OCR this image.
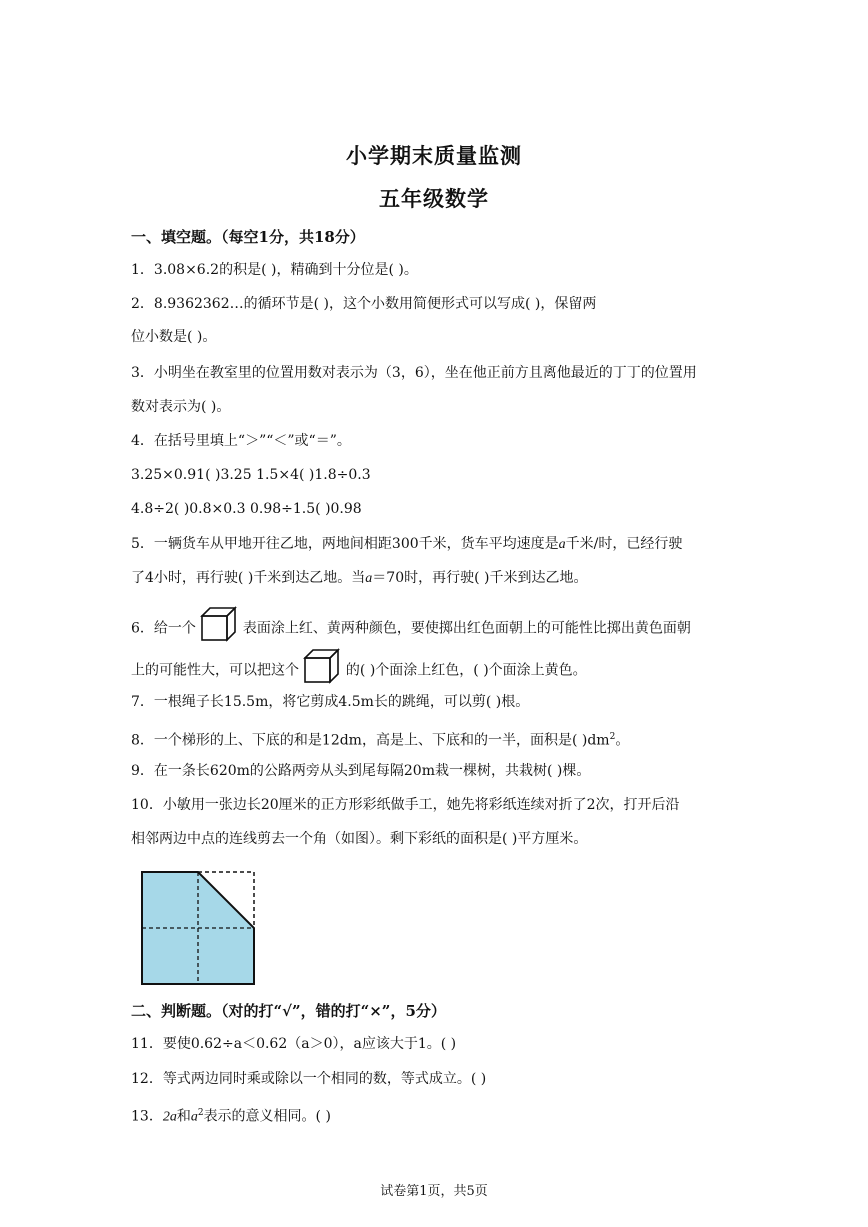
小学期末质量监测
五年级数学
一、填空题。（每空1分，共18分）
1．3.08×6.2的积是( )，精确到十分位是( )。
2．8.9362362…的循环节是( )，这个小数用简便形式可以写成( )，保留两
位小数是( )。
3．小明坐在教室里的位置用数对表示为（3，6），坐在他正前方且离他最近的丁丁的位置用
数对表示为( )。
4．在括号里填上“＞”“＜”或“＝”。
3.25×0.91( )3.25 1.5×4( )1.8÷0.3
4.8÷2( )0.8×0.3 0.98÷1.5( )0.98
5．一辆货车从甲地开往乙地，两地间相距300千米，货车平均速度是a千米/时，已经行驶
了4小时，再行驶( )千米到达乙地。当a＝70时，再行驶( )千米到达乙地。
6．给一个	表面涂上红、黄两种颜色，要使掷出红色面朝上的可能性比掷出黄色面朝
上的可能性大，可以把这个	的( )个面涂上红色，( )个面涂上黄色。
7．一根绳子长15.5m，将它剪成4.5m长的跳绳，可以剪( )根。
8．一个梯形的上、下底的和是12dm，高是上、下底和的一半，面积是( )$dm^2$。
9．在一条长620m的公路两旁从头到尾每隔20m栽一棵树，共栽树( )棵。
10．小敏用一张边长20厘米的正方形彩纸做手工，她先将彩纸连续对折了2次，打开后沿
相邻两边中点的连线剪去一个角（如图）。剩下彩纸的面积是( )平方厘米。
二、判断题。（对的打“√”，错的打“×”，5分）
11．要使0.62÷a＜0.62（a＞0），a应该大于1。( )
12．等式两边同时乘或除以一个相同的数，等式成立。( )
13．2a和$a^2$表示的意义相同。( )
试卷第1页，共5页
